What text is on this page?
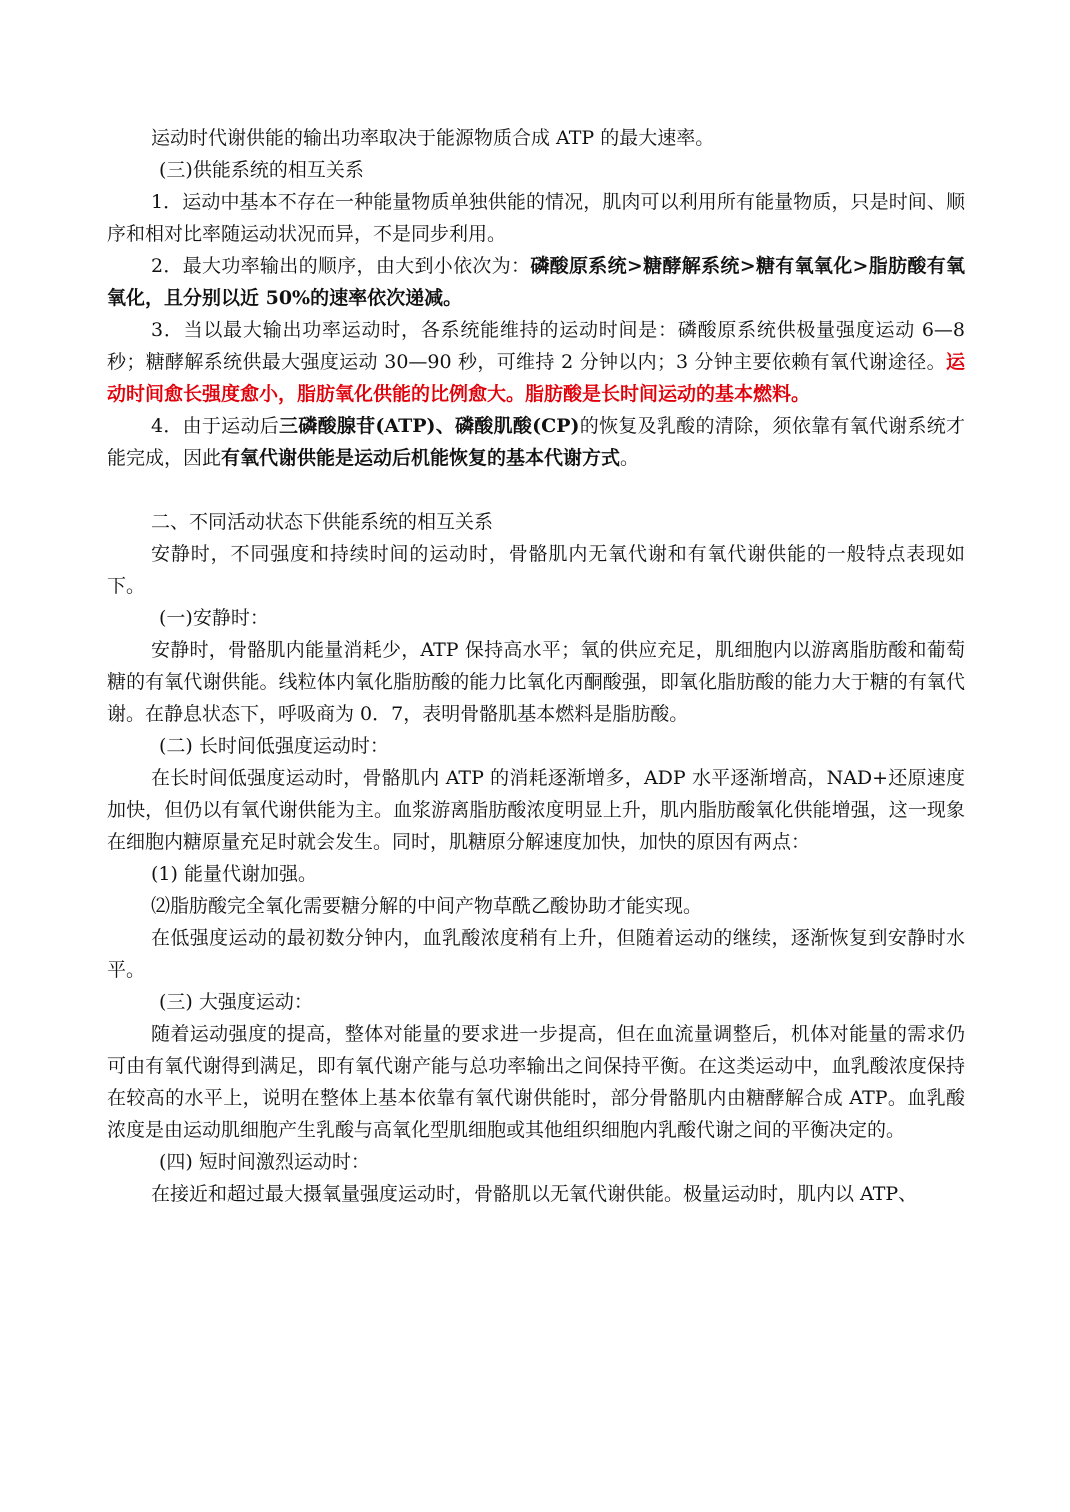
运动时代谢供能的输出功率取决于能源物质合成 ATP 的最大速率。

(三)供能系统的相互关系

1．运动中基本不存在一种能量物质单独供能的情况，肌肉可以利用所有能量物质，只是时间、顺序和相对比率随运动状况而异，不是同步利用。

2．最大功率输出的顺序，由大到小依次为：磷酸原系统>糖酵解系统>糖有氧氧化>脂肪酸有氧氧化，且分别以近 50%的速率依次递减。

3．当以最大输出功率运动时，各系统能维持的运动时间是：磷酸原系统供极量强度运动 6—8 秒；糖酵解系统供最大强度运动 30—90 秒，可维持 2 分钟以内；3 分钟主要依赖有氧代谢途径。运动时间愈长强度愈小，脂肪氧化供能的比例愈大。脂肪酸是长时间运动的基本燃料。

4．由于运动后三磷酸腺苷(ATP)、磷酸肌酸(CP)的恢复及乳酸的清除，须依靠有氧代谢系统才能完成，因此有氧代谢供能是运动后机能恢复的基本代谢方式。

二、不同活动状态下供能系统的相互关系

安静时，不同强度和持续时间的运动时，骨骼肌内无氧代谢和有氧代谢供能的一般特点表现如下。

(一)安静时：

安静时，骨骼肌内能量消耗少，ATP 保持高水平；氧的供应充足，肌细胞内以游离脂肪酸和葡萄糖的有氧代谢供能。线粒体内氧化脂肪酸的能力比氧化丙酮酸强，即氧化脂肪酸的能力大于糖的有氧代谢。在静息状态下，呼吸商为 0．7，表明骨骼肌基本燃料是脂肪酸。

(二) 长时间低强度运动时：

在长时间低强度运动时，骨骼肌内 ATP 的消耗逐渐增多，ADP 水平逐渐增高，NAD+还原速度加快，但仍以有氧代谢供能为主。血浆游离脂肪酸浓度明显上升，肌内脂肪酸氧化供能增强，这一现象在细胞内糖原量充足时就会发生。同时，肌糖原分解速度加快，加快的原因有两点：

(1) 能量代谢加强。

⑵脂肪酸完全氧化需要糖分解的中间产物草酰乙酸协助才能实现。

在低强度运动的最初数分钟内，血乳酸浓度稍有上升，但随着运动的继续，逐渐恢复到安静时水平。

(三) 大强度运动：

随着运动强度的提高，整体对能量的要求进一步提高，但在血流量调整后，机体对能量的需求仍可由有氧代谢得到满足，即有氧代谢产能与总功率输出之间保持平衡。在这类运动中，血乳酸浓度保持在较高的水平上，说明在整体上基本依靠有氧代谢供能时，部分骨骼肌内由糖酵解合成 ATP。血乳酸浓度是由运动肌细胞产生乳酸与高氧化型肌细胞或其他组织细胞内乳酸代谢之间的平衡决定的。

(四) 短时间激烈运动时：

在接近和超过最大摄氧量强度运动时，骨骼肌以无氧代谢供能。极量运动时，肌内以 ATP、
